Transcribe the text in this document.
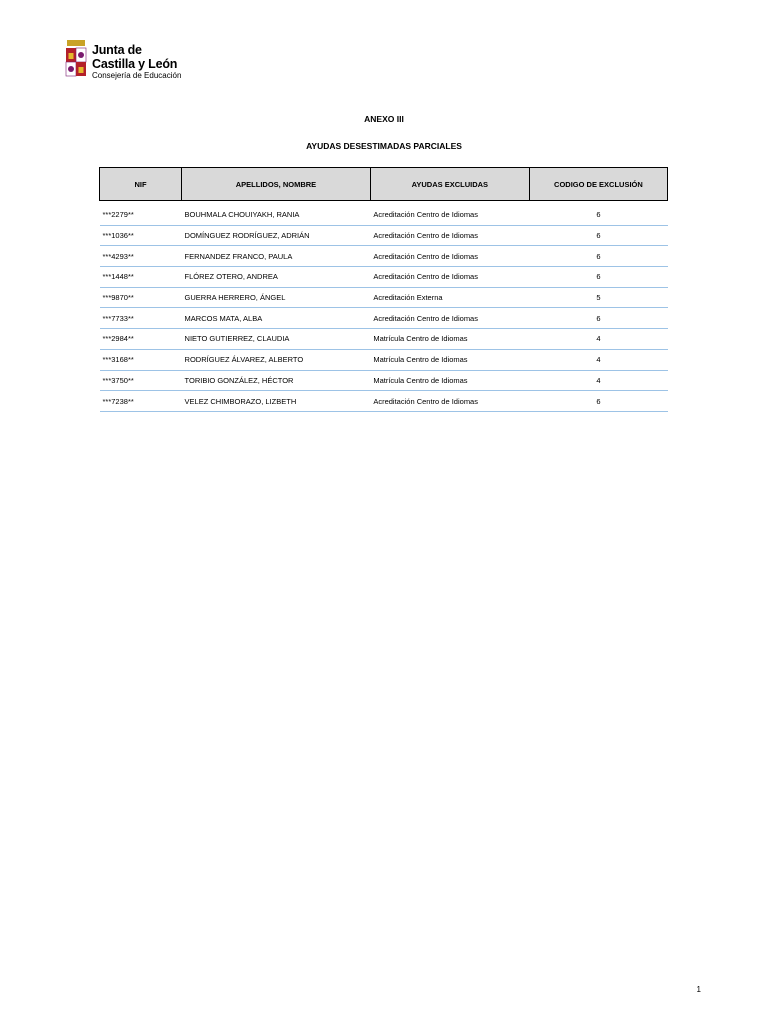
Junta de
Castilla y León
Consejería de Educación
ANEXO III
AYUDAS DESESTIMADAS PARCIALES
NIF	APELLIDOS, NOMBRE	AYUDAS EXCLUIDAS	CODIGO DE EXCLUSIÓN

***2279**	BOUHMALA CHOUIYAKH, RANIA	Acreditación Centro de Idiomas	6
***1036**	DOMÍNGUEZ RODRÍGUEZ, ADRIÁN	Acreditación Centro de Idiomas	6
***4293**	FERNANDEZ FRANCO, PAULA	Acreditación Centro de Idiomas	6
***1448**	FLÓREZ OTERO, ANDREA	Acreditación Centro de Idiomas	6
***9870**	GUERRA HERRERO, ÁNGEL	Acreditación Externa	5
***7733**	MARCOS MATA, ALBA	Acreditación Centro de Idiomas	6
***2984**	NIETO GUTIERREZ, CLAUDIA	Matrícula Centro de Idiomas	4
***3168**	RODRÍGUEZ ÁLVAREZ, ALBERTO	Matrícula Centro de Idiomas	4
***3750**	TORIBIO GONZÁLEZ, HÉCTOR	Matrícula Centro de Idiomas	4
***7238**	VELEZ CHIMBORAZO, LIZBETH	Acreditación Centro de Idiomas	6
1
